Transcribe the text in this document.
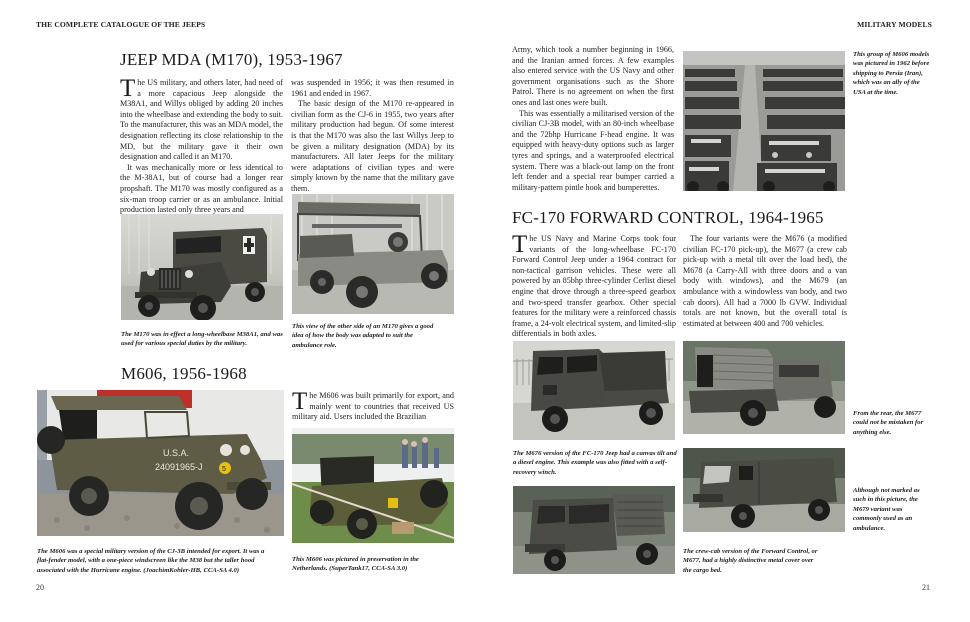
THE COMPLETE CATALOGUE OF THE JEEPS
JEEP MDA (M170), 1953-1967

The US military, and others later, had need of a more capacious Jeep alongside the M38A1, and Willys obliged by adding 20 inches into the wheelbase and extending the body to suit. To the manufacturer, this was an MDA model, the designation reflecting its close relationship to the MD, but the military gave it their own designation and called it an M170.

It was mechanically more or less identical to the M-38A1, but of course had a longer rear propshaft. The M170 was mostly configured as a six-man troop carrier or as an ambulance. Initial production lasted only three years and

was suspended in 1956; it was then resumed in 1961 and ended in 1967.

The basic design of the M170 re-appeared in civilian form as the CJ-6 in 1955, two years after military production had begun. Of some interest is that the M170 was also the last Willys Jeep to be given a military designation (MDA) by its manufacturers. All later Jeeps for the military were adaptations of civilian types and were simply known by the name that the military gave them.

The M170 was in effect a long-wheelbase M38A1, and was used for various special duties by the military.
This view of the other side of an M170 gives a good idea of how the body was adapted to suit the ambulance role.
M606, 1956-1968
U.S.A.
24091965-J	5

The M606 was built primarily for export, and mainly went to countries that received US military aid. Users included the Brazilian

The M606 was a special military version of the CJ-3B intended for export. It was a flat-fender model, with a one-piece windscreen like the M38 but the taller hood associated with the Hurricane engine. (JoachimKohler-HB, CCA-SA 4.0)
This M606 was pictured in preservation in the Netherlands. (SuperTank17, CCA-SA 3.0)
20
MILITARY MODELS

Army, which took a number beginning in 1966, and the Iranian armed forces. A few examples also entered service with the US Navy and other government organisations such as the Shore Patrol. There is no agreement on when the first ones and last ones were built.

This was essentially a militarised version of the civilian CJ-3B model, with an 80-inch wheelbase and the 72bhp Hurricane F-head engine. It was equipped with heavy-duty options such as larger tyres and springs, and a waterproofed electrical system. There was a black-out lamp on the front left fender and a special rear bumper carried a military-pattern pintle hook and bumperettes.

This group of M606 models was pictured in 1962 before shipping to Persia (Iran), which was an ally of the USA at the time.
FC-170 FORWARD CONTROL, 1964-1965

The US Navy and Marine Corps took four variants of the long-wheelbase FC-170 Forward Control Jeep under a 1964 contract for non-tactical garrison vehicles. These were all powered by an 85bhp three-cylinder Cerlist diesel engine that drove through a three-speed gearbox and two-speed transfer gearbox. Other special features for the military were a reinforced chassis frame, a 24-volt electrical system, and limited-slip differentials in both axles.

The four variants were the M676 (a modified civilian FC-170 pick-up), the M677 (a crew cab pick-up with a metal tilt over the load bed), the M678 (a Carry-All with three doors and a van body with windows), and the M679 (an ambulance with a windowless van body, and two cab doors). All had a 7000 lb GVW. Individual totals are not known, but the overall total is estimated at between 400 and 700 vehicles.

From the rear, the M677 could not be mistaken for anything else.
The M676 version of the FC-170 Jeep had a canvas tilt and a diesel engine. This example was also fitted with a self-recovery winch.
Although not marked as such in this picture, the M679 variant was commonly used as an ambulance.
The crew-cab version of the Forward Control, or M677, had a highly distinctive metal cover over the cargo bed.
21
